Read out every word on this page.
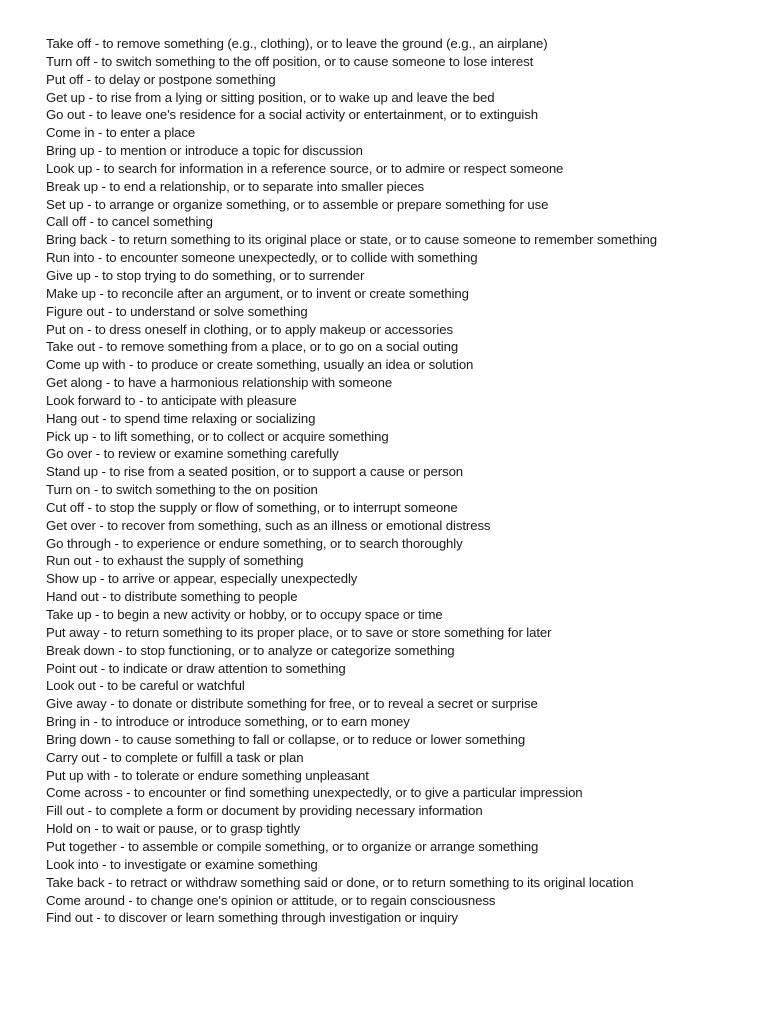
Take off - to remove something (e.g., clothing), or to leave the ground (e.g., an airplane)
Turn off - to switch something to the off position, or to cause someone to lose interest
Put off - to delay or postpone something
Get up - to rise from a lying or sitting position, or to wake up and leave the bed
Go out - to leave one's residence for a social activity or entertainment, or to extinguish
Come in - to enter a place
Bring up - to mention or introduce a topic for discussion
Look up - to search for information in a reference source, or to admire or respect someone
Break up - to end a relationship, or to separate into smaller pieces
Set up - to arrange or organize something, or to assemble or prepare something for use
Call off - to cancel something
Bring back - to return something to its original place or state, or to cause someone to remember something
Run into - to encounter someone unexpectedly, or to collide with something
Give up - to stop trying to do something, or to surrender
Make up - to reconcile after an argument, or to invent or create something
Figure out - to understand or solve something
Put on - to dress oneself in clothing, or to apply makeup or accessories
Take out - to remove something from a place, or to go on a social outing
Come up with - to produce or create something, usually an idea or solution
Get along - to have a harmonious relationship with someone
Look forward to - to anticipate with pleasure
Hang out - to spend time relaxing or socializing
Pick up - to lift something, or to collect or acquire something
Go over - to review or examine something carefully
Stand up - to rise from a seated position, or to support a cause or person
Turn on - to switch something to the on position
Cut off - to stop the supply or flow of something, or to interrupt someone
Get over - to recover from something, such as an illness or emotional distress
Go through - to experience or endure something, or to search thoroughly
Run out - to exhaust the supply of something
Show up - to arrive or appear, especially unexpectedly
Hand out - to distribute something to people
Take up - to begin a new activity or hobby, or to occupy space or time
Put away - to return something to its proper place, or to save or store something for later
Break down - to stop functioning, or to analyze or categorize something
Point out - to indicate or draw attention to something
Look out - to be careful or watchful
Give away - to donate or distribute something for free, or to reveal a secret or surprise
Bring in - to introduce or introduce something, or to earn money
Bring down - to cause something to fall or collapse, or to reduce or lower something
Carry out - to complete or fulfill a task or plan
Put up with - to tolerate or endure something unpleasant
Come across - to encounter or find something unexpectedly, or to give a particular impression
Fill out - to complete a form or document by providing necessary information
Hold on - to wait or pause, or to grasp tightly
Put together - to assemble or compile something, or to organize or arrange something
Look into - to investigate or examine something
Take back - to retract or withdraw something said or done, or to return something to its original location
Come around - to change one's opinion or attitude, or to regain consciousness
Find out - to discover or learn something through investigation or inquiry
